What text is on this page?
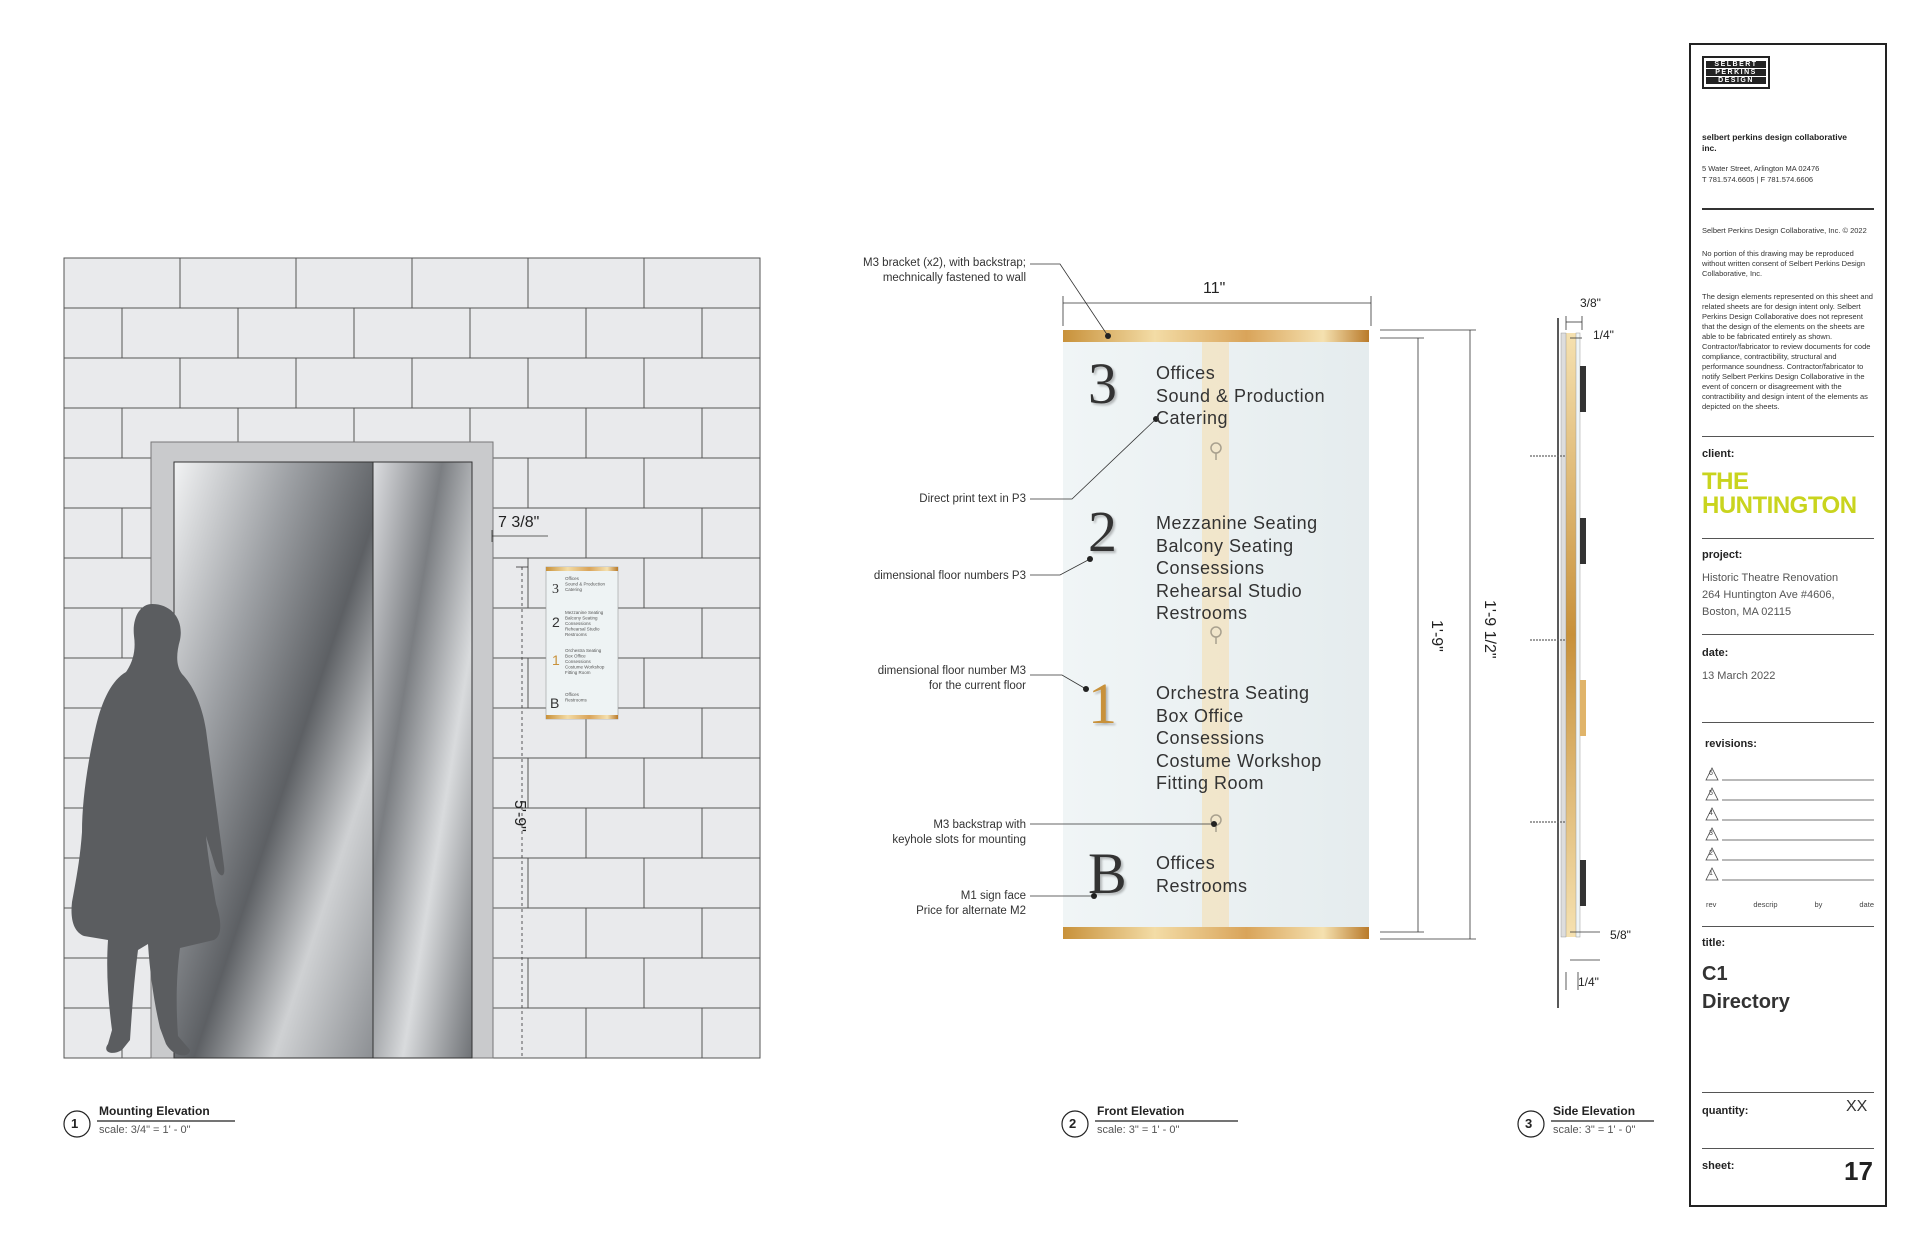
3
2
1
B
Offices
Sound & Production
Catering
Mezzanine Seating
Balcony Seating
Consessions
Rehearsal Studio
Restrooms
Orchestra Seating
Box Office
Consessions
Costume Workshop
Fitting Room
Offices
Restrooms
7 3/8"
5'-9"
11"
1'-9" 1'-9 1/2"
3/8"
1/4"
5/8"
1/4"
3 Offices
Sound & Production
Catering
2 Mezzanine Seating
Balcony Seating
Consessions
Rehearsal Studio
Restrooms
1 Orchestra Seating
Box Office
Consessions
Costume Workshop
Fitting Room
B Offices
Restrooms
M3 bracket (x2), with backstrap;
mechnically fastened to wall
Direct print text in P3
dimensional floor numbers P3
dimensional floor number M3
for the current floor
M3 backstrap with
keyhole slots for mounting
M1 sign face
Price for alternate M2
1
Mounting Elevation
scale: 3/4" = 1' - 0"	2
Front Elevation
scale: 3" = 1' - 0"	3
Side Elevation
scale: 3" = 1' - 0"
SELBERT
PERKINS
DESIGN
selbert perkins design collaborative inc.
5 Water Street, Arlington MA 02476
T 781.574.6605 | F 781.574.6606
Selbert Perkins Design Collaborative, Inc. © 2022
No portion of this drawing may be reproduced without written consent of Selbert Perkins Design Collaborative, Inc.
The design elements represented on this sheet and related sheets are for design intent only. Selbert Perkins Design Collaborative does not represent that the design of the elements on the sheets are able to be fabricated entirely as shown. Contractor/fabricator to review documents for code compliance, contractibility, structural and performance soundness. Contractor/fabricator to notify Selbert Perkins Design Collaborative in the event of concern or disagreement with the contractibility and design intent of the elements as depicted on the sheets.
client:
THE
HUNTINGTON
project:
Historic Theatre Renovation
264 Huntington Ave #4606,
Boston, MA 02115
date:
13 March 2022
revisions:
6
5
4
3
2
1
rev	descrip	by	date
title:
C1
Directory
quantity:	XX
sheet:	17
